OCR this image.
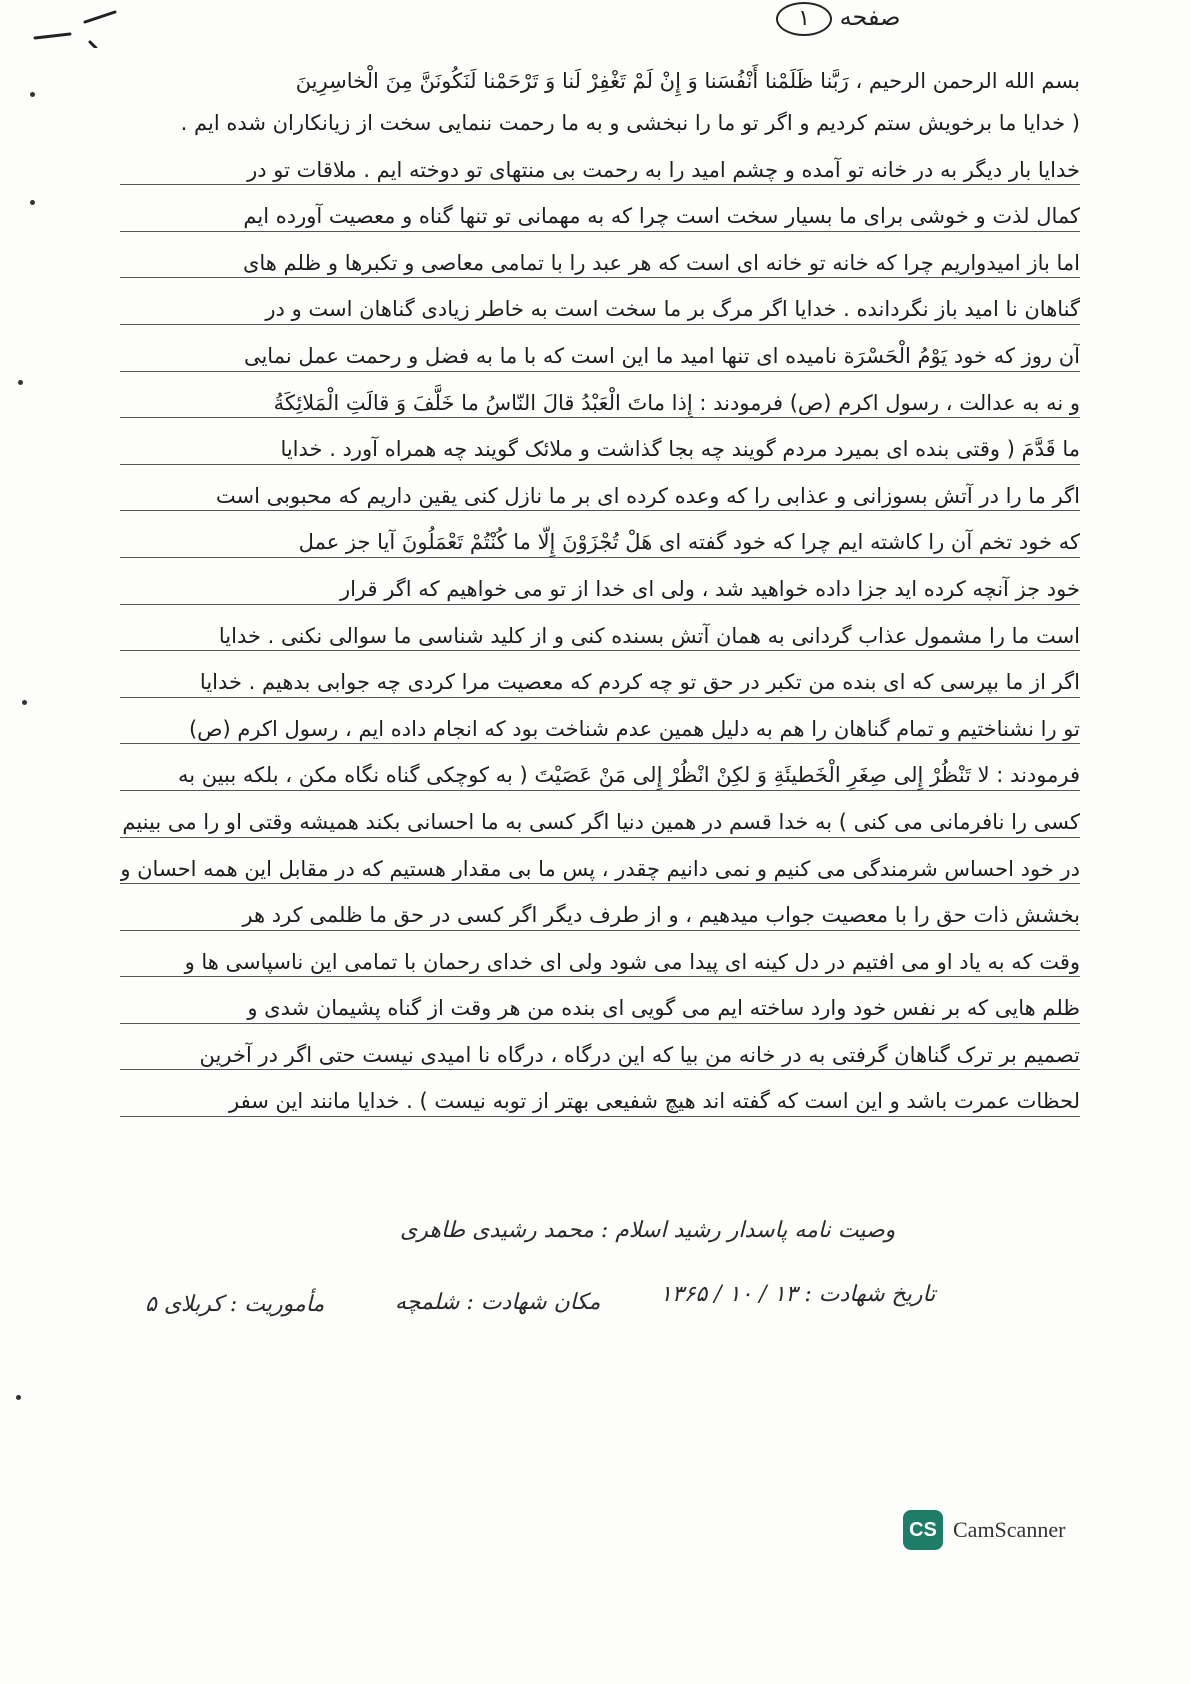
صفحه ۱
بسم الله الرحمن الرحیم ، رَبَّنا ظَلَمْنا أَنْفُسَنا وَ إِنْ لَمْ تَغْفِرْ لَنا وَ تَرْحَمْنا لَنَكُونَنَّ مِنَ الْخاسِرِينَ
( خدایا ما برخویش ستم کردیم و اگر تو ما را نبخشی و به ما رحمت ننمایی سخت از زیانکاران شده ایم .
خدایا بار دیگر به در خانه تو آمده و چشم امید را به رحمت بی منتهای تو دوخته ایم . ملاقات تو در
کمال لذت و خوشی برای ما بسیار سخت است چرا که به مهمانی تو تنها گناه و معصیت آورده ایم
اما باز امیدواریم چرا که خانه تو خانه ای است که هر عبد را با تمامی معاصی و تکبرها و ظلم های
گناهان نا امید باز نگردانده . خدایا اگر مرگ بر ما سخت است به خاطر زیادی گناهان است و در
آن روز که خود یَوْمُ الْحَسْرَة نامیده ای تنها امید ما این است که با ما به فضل و رحمت عمل نمایی
و نه به عدالت ، رسول اکرم (ص) فرمودند : إِذا ماتَ الْعَبْدُ قالَ النّاسُ ما خَلَّفَ وَ قالَتِ الْمَلائِكَةُ
ما قَدَّمَ ( وقتی بنده ای بمیرد مردم گویند چه بجا گذاشت و ملائک گویند چه همراه آورد . خدایا
اگر ما را در آتش بسوزانی و عذابی را که وعده کرده ای بر ما نازل کنی یقین داریم که محبوبی است
که خود تخم آن را کاشته ایم چرا که خود گفته ای هَلْ تُجْزَوْنَ إِلّا ما كُنْتُمْ تَعْمَلُونَ آیا جز عمل
خود جز آنچه کرده اید جزا داده خواهید شد ، ولی ای خدا از تو می خواهیم که اگر قرار
است ما را مشمول عذاب گردانی به همان آتش بسنده کنی و از کلید شناسی ما سوالی نکنی . خدایا
اگر از ما بپرسی که ای بنده من تکبر در حق تو چه کردم که معصیت مرا کردی چه جوابی بدهیم . خدایا
تو را نشناختیم و تمام گناهان را هم به دلیل همین عدم شناخت بود که انجام داده ایم ، رسول اکرم (ص)
فرمودند : لا تَنْظُرْ إِلى صِغَرِ الْخَطيئَةِ وَ لكِنْ انْظُرْ إِلى مَنْ عَصَيْتَ ( به کوچکی گناه نگاه مکن ، بلکه ببین به
کسی را نافرمانی می کنی ) به خدا قسم در همین دنیا اگر کسی به ما احسانی بکند همیشه وقتی او را می بینیم
در خود احساس شرمندگی می کنیم و نمی دانیم چقدر ، پس ما بی مقدار هستیم که در مقابل این همه احسان و
بخشش ذات حق را با معصیت جواب میدهیم ، و از طرف دیگر اگر کسی در حق ما ظلمی کرد هر
وقت که به یاد او می افتیم در دل کینه ای پیدا می شود ولی ای خدای رحمان با تمامی این ناسپاسی ها و
ظلم هایی که بر نفس خود وارد ساخته ایم می گویی ای بنده من هر وقت از گناه پشیمان شدی و
تصمیم بر ترک گناهان گرفتی به در خانه من بیا که این درگاه ، درگاه نا امیدی نیست حتی اگر در آخرین
لحظات عمرت باشد و این است که گفته اند هیچ شفیعی بهتر از توبه نیست ) . خدایا مانند این سفر
وصیت نامه پاسدار رشید اسلام : محمد رشیدی طاهری
تاریخ شهادت : ۱۳ / ۱۰ / ۱۳۶۵
مکان شهادت : شلمچه
مأموریت : کربلای ۵
CS CamScanner
